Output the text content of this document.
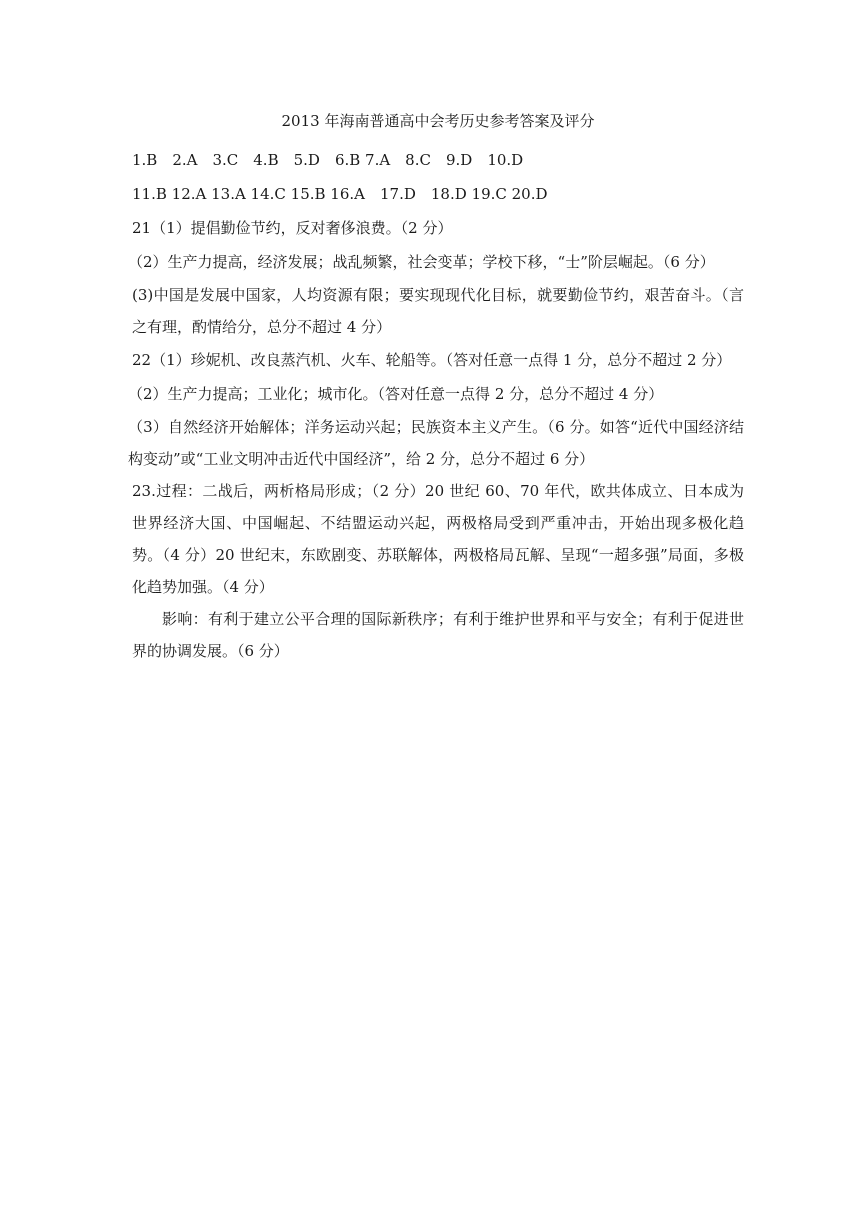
2013 年海南普通高中会考历史参考答案及评分

1.B　2.A　3.C　4.B　5.D　6.B 7.A　8.C　9.D　10.D

11.B 12.A 13.A 14.C 15.B 16.A　17.D　18.D 19.C 20.D

21（1）提倡勤俭节约，反对奢侈浪费。（2 分）

（2）生产力提高，经济发展；战乱频繁，社会变革；学校下移，“士”阶层崛起。（6 分）

(3)中国是发展中国家，人均资源有限；要实现现代化目标，就要勤俭节约，艰苦奋斗。（言之有理，酌情给分，总分不超过 4 分）

22（1）珍妮机、改良蒸汽机、火车、轮船等。（答对任意一点得 1 分，总分不超过 2 分）

（2）生产力提高；工业化；城市化。（答对任意一点得 2 分，总分不超过 4 分）

（3）自然经济开始解体；洋务运动兴起；民族资本主义产生。（6 分。如答“近代中国经济结构变动”或“工业文明冲击近代中国经济”，给 2 分，总分不超过 6 分）

23.过程：二战后，两析格局形成；（2 分）20 世纪 60、70 年代，欧共体成立、日本成为世界经济大国、中国崛起、不结盟运动兴起，两极格局受到严重冲击，开始出现多极化趋势。（4 分）20 世纪末，东欧剧变、苏联解体，两极格局瓦解、呈现“一超多强”局面，多极化趋势加强。（4 分）

影响：有利于建立公平合理的国际新秩序；有利于维护世界和平与安全；有利于促进世界的协调发展。（6 分）
